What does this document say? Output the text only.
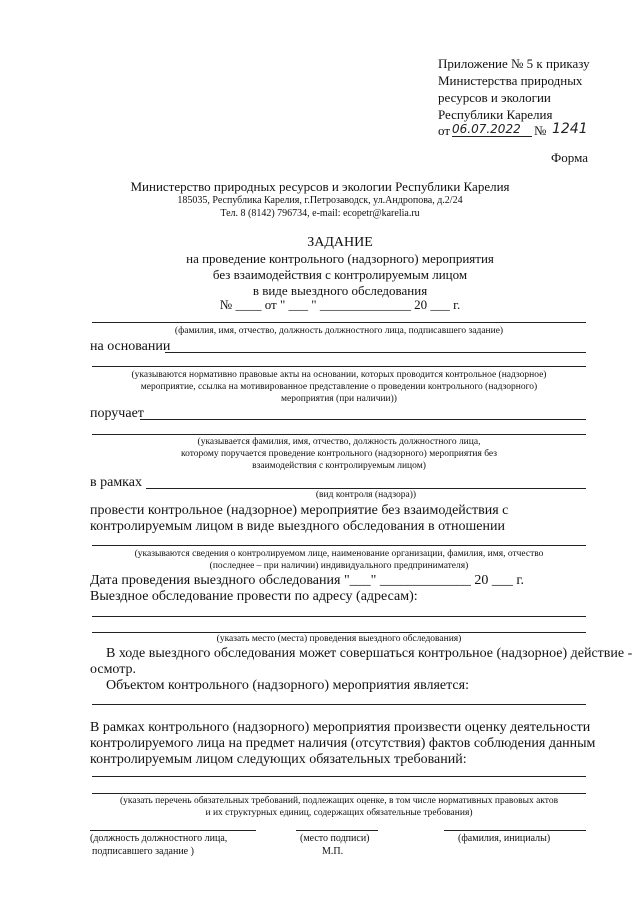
Приложение № 5 к приказу
Министерства природных
ресурсов и экологии
Республики Карелия
от 06.07.2022 № 1241
Форма
Министерство природных ресурсов и экологии Республики Карелия
185035, Республика Карелия, г.Петрозаводск, ул.Андропова, д.2/24
Тел. 8 (8142) 796734, e-mail: ecopetr@karelia.ru
ЗАДАНИЕ
на проведение контрольного (надзорного) мероприятия
без взаимодействия с контролируемым лицом
в виде выездного обследования
№ ____ от " ___ " ______________ 20 ___ г.
(фамилия, имя, отчество, должность должностного лица, подписавшего задание)
на основании
(указываются нормативно правовые акты на основании, которых проводится контрольное (надзорное)
мероприятие, ссылка на мотивированное представление о проведении контрольного (надзорного)
мероприятия (при наличии))
поручает
(указывается фамилия, имя, отчество, должность должностного лица,
которому поручается проведение контрольного (надзорного) мероприятия без
взаимодействия с контролируемым лицом)
в рамках
(вид контроля (надзора))
провести контрольное (надзорное) мероприятие без взаимодействия с
контролируемым лицом в виде выездного обследования в отношении
(указываются сведения о контролируемом лице, наименование организации, фамилия, имя, отчество
(последнее – при наличии) индивидуального предпринимателя)
Дата проведения выездного обследования "___" _____________ 20 ___ г.
Выездное обследование провести по адресу (адресам):
(указать место (места) проведения выездного обследования)
В ходе выездного обследования может совершаться контрольное (надзорное) действие -
осмотр.
Объектом контрольного (надзорного) мероприятия является:
В рамках контрольного (надзорного) мероприятия произвести оценку деятельности
контролируемого лица на предмет наличия (отсутствия) фактов соблюдения данным
контролируемым лицом следующих обязательных требований:
(указать перечень обязательных требований, подлежащих оценке, в том числе нормативных правовых актов
и их структурных единиц, содержащих обязательные требования)
(должность должностного лица,
подписавшего задание )
(место подписи)
М.П.
(фамилия, инициалы)
